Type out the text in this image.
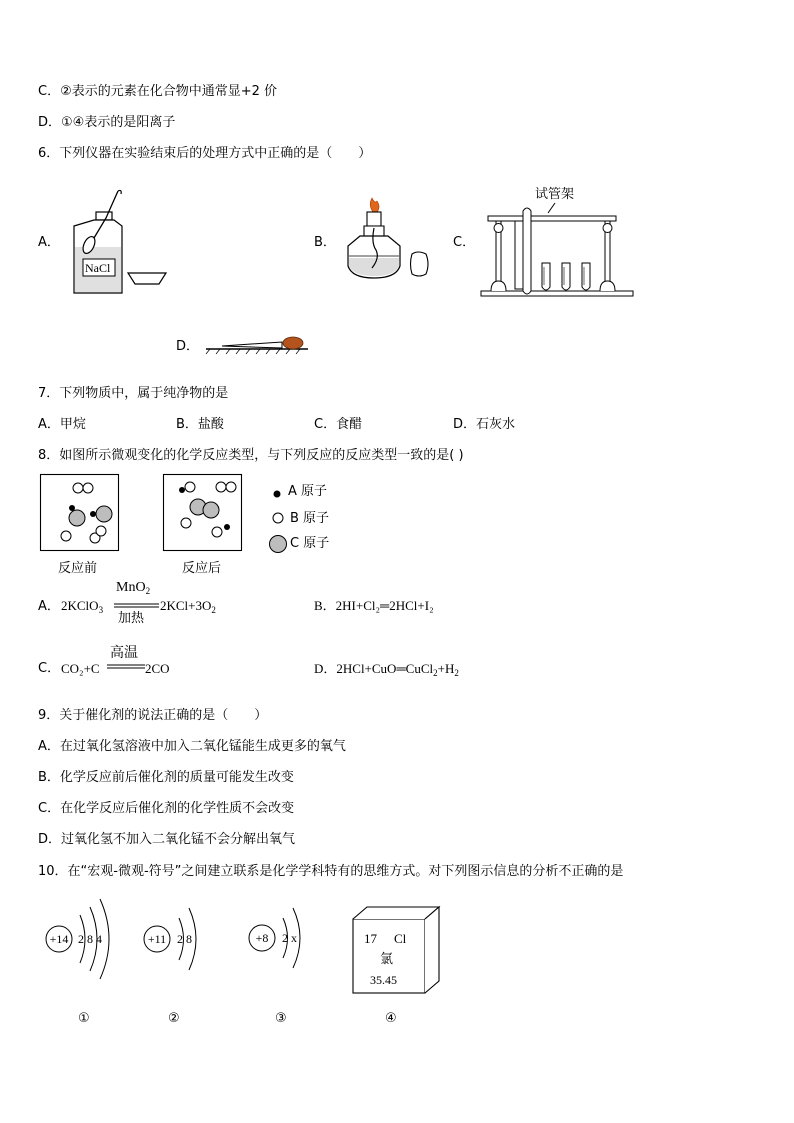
C．②表示的元素在化合物中通常显+2 价
D．①④表示的是阳离子
6．下列仪器在实验结束后的处理方式中正确的是（　　）
A．
NaCl
B．	C．
试管架
D．
7．下列物质中，属于纯净物的是
A．甲烷	B．盐酸	C．食醋	D．石灰水
8．如图所示微观变化的化学反应类型，与下列反应的反应类型一致的是( )
反应前	反应后
A 原子
B 原子
C 原子
A． 2KClO$_3$
MnO$_2$
加热
$2KCl+3O_2$	B．2HI+Cl₂═2HCl+I₂
C． CO₂+C
高温
2CO	D．$2HCl+CuO═CuCl_2+H_2$
9．关于催化剂的说法正确的是（　　）
A．在过氧化氢溶液中加入二氧化锰能生成更多的氧气
B．化学反应前后催化剂的质量可能发生改变
C．在化学反应后催化剂的化学性质不会改变
D．过氧化氢不加入二氧化锰不会分解出氧气
10．在“宏观-微观-符号”之间建立联系是化学学科特有的思维方式。对下列图示信息的分析不正确的是
+14 2 8 4
①
+11 2 8
②
+8 2 x
③
17 Cl
氯
35.45
④
